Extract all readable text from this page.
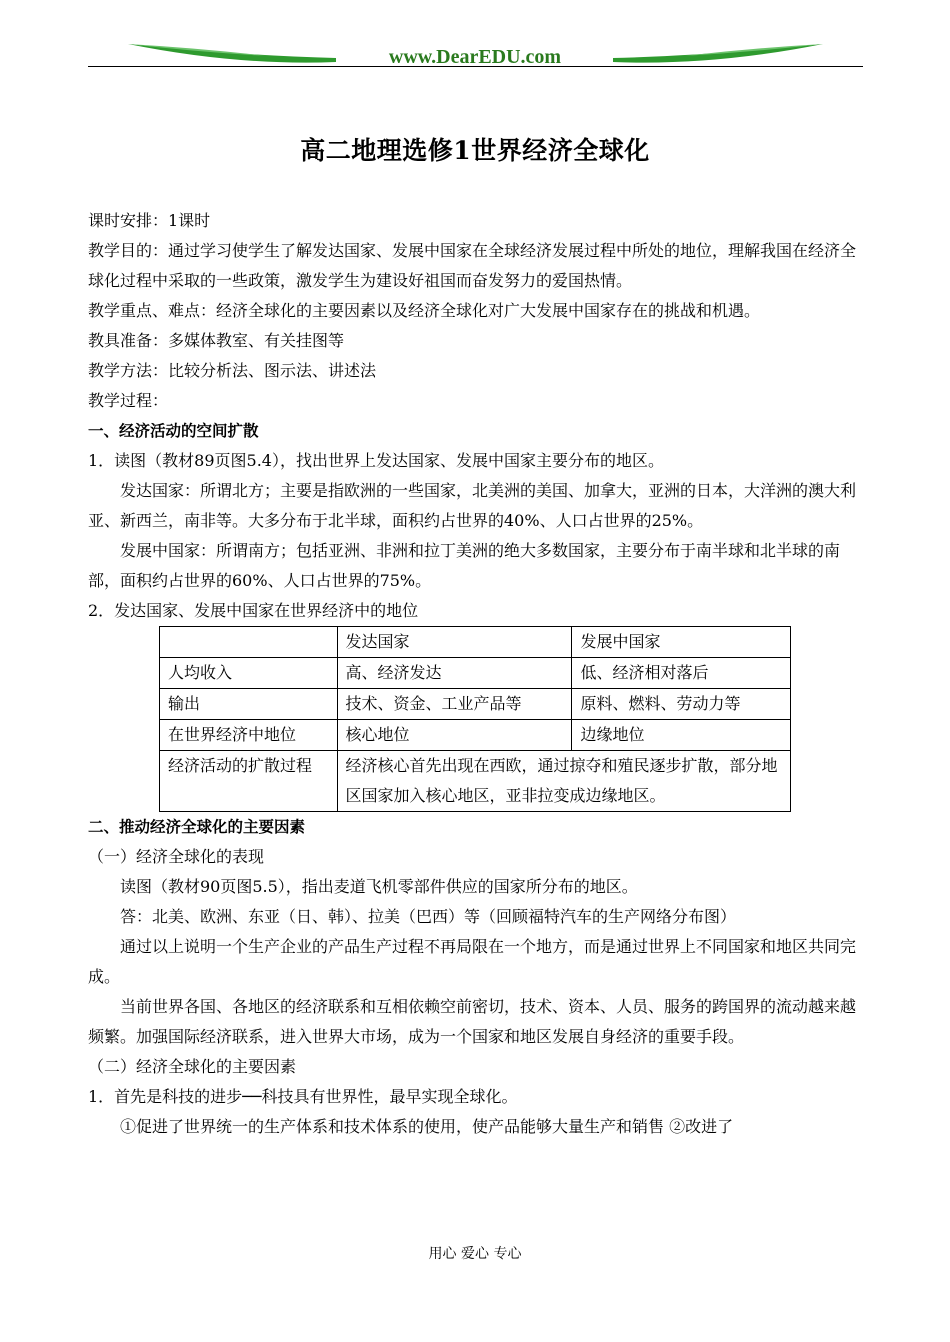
www.DearEDU.com
高二地理选修1世界经济全球化

课时安排：1课时

教学目的：通过学习使学生了解发达国家、发展中国家在全球经济发展过程中所处的地位，理解我国在经济全球化过程中采取的一些政策，激发学生为建设好祖国而奋发努力的爱国热情。

教学重点、难点：经济全球化的主要因素以及经济全球化对广大发展中国家存在的挑战和机遇。

教具准备：多媒体教室、有关挂图等

教学方法：比较分析法、图示法、讲述法

教学过程：

一、经济活动的空间扩散

1．读图（教材89页图5.4），找出世界上发达国家、发展中国家主要分布的地区。

发达国家：所谓北方；主要是指欧洲的一些国家，北美洲的美国、加拿大，亚洲的日本，大洋洲的澳大利亚、新西兰，南非等。大多分布于北半球，面积约占世界的40%、人口占世界的25%。

发展中国家：所谓南方；包括亚洲、非洲和拉丁美洲的绝大多数国家，主要分布于南半球和北半球的南部，面积约占世界的60%、人口占世界的75%。

2．发达国家、发展中国家在世界经济中的地位

	发达国家	发展中国家
人均收入	高、经济发达	低、经济相对落后
输出	技术、资金、工业产品等	原料、燃料、劳动力等
在世界经济中地位	核心地位	边缘地位
经济活动的扩散过程	经济核心首先出现在西欧，通过掠夺和殖民逐步扩散，部分地区国家加入核心地区，亚非拉变成边缘地区。	

二、推动经济全球化的主要因素

（一）经济全球化的表现

读图（教材90页图5.5），指出麦道飞机零部件供应的国家所分布的地区。

答：北美、欧洲、东亚（日、韩）、拉美（巴西）等（回顾福特汽车的生产网络分布图）

通过以上说明一个生产企业的产品生产过程不再局限在一个地方，而是通过世界上不同国家和地区共同完成。

当前世界各国、各地区的经济联系和互相依赖空前密切，技术、资本、人员、服务的跨国界的流动越来越频繁。加强国际经济联系，进入世界大市场，成为一个国家和地区发展自身经济的重要手段。

（二）经济全球化的主要因素

1．首先是科技的进步──科技具有世界性，最早实现全球化。

①促进了世界统一的生产体系和技术体系的使用，使产品能够大量生产和销售 ②改进了

用心 爱心 专心
